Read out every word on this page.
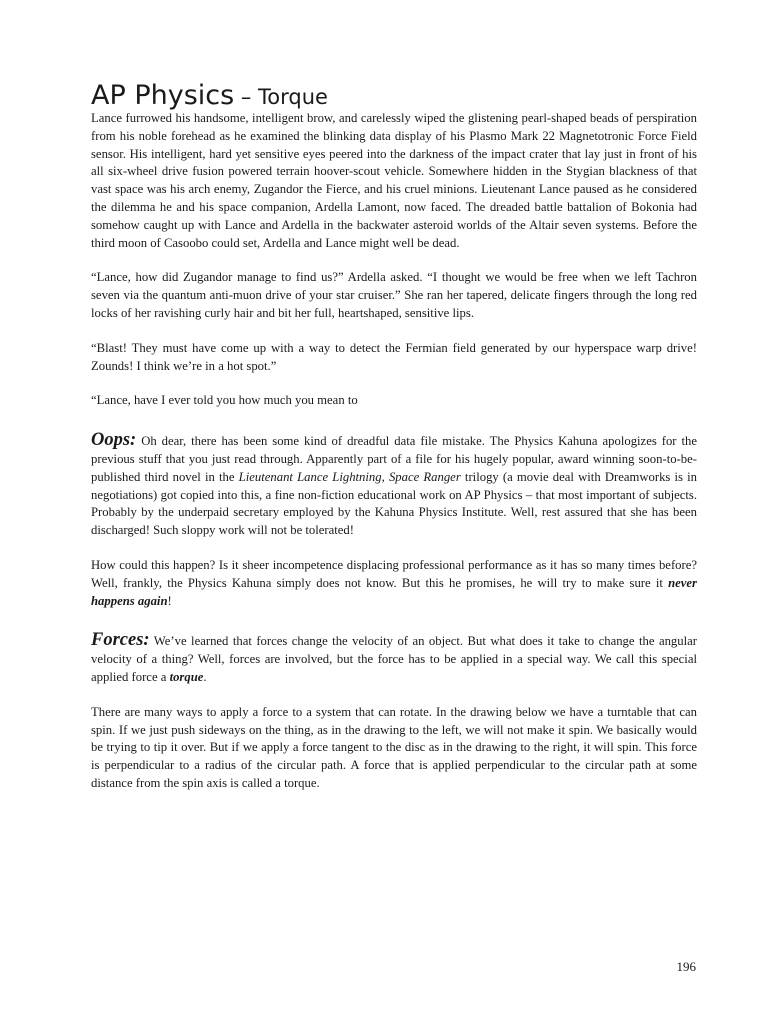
AP Physics – Torque

Lance furrowed his handsome, intelligent brow, and carelessly wiped the glistening pearl-shaped beads of perspiration from his noble forehead as he examined the blinking data display of his Plasmo Mark 22 Magnetotronic Force Field sensor. His intelligent, hard yet sensitive eyes peered into the darkness of the impact crater that lay just in front of his all six-wheel drive fusion powered terrain hoover-scout vehicle. Somewhere hidden in the Stygian blackness of that vast space was his arch enemy, Zugandor the Fierce, and his cruel minions. Lieutenant Lance paused as he considered the dilemma he and his space companion, Ardella Lamont, now faced. The dreaded battle battalion of Bokonia had somehow caught up with Lance and Ardella in the backwater asteroid worlds of the Altair seven systems. Before the third moon of Casoobo could set, Ardella and Lance might well be dead.

“Lance, how did Zugandor manage to find us?” Ardella asked. “I thought we would be free when we left Tachron seven via the quantum anti-muon drive of your star cruiser.” She ran her tapered, delicate fingers through the long red locks of her ravishing curly hair and bit her full, heartshaped, sensitive lips.

“Blast! They must have come up with a way to detect the Fermian field generated by our hyperspace warp drive! Zounds! I think we’re in a hot spot.”

“Lance, have I ever told you how much you mean to

Oops: Oh dear, there has been some kind of dreadful data file mistake. The Physics Kahuna apologizes for the previous stuff that you just read through. Apparently part of a file for his hugely popular, award winning soon-to-be-published third novel in the Lieutenant Lance Lightning, Space Ranger trilogy (a movie deal with Dreamworks is in negotiations) got copied into this, a fine non-fiction educational work on AP Physics – that most important of subjects. Probably by the underpaid secretary employed by the Kahuna Physics Institute. Well, rest assured that she has been discharged! Such sloppy work will not be tolerated!

How could this happen? Is it sheer incompetence displacing professional performance as it has so many times before? Well, frankly, the Physics Kahuna simply does not know. But this he promises, he will try to make sure it never happens again!

Forces: We’ve learned that forces change the velocity of an object. But what does it take to change the angular velocity of a thing? Well, forces are involved, but the force has to be applied in a special way. We call this special applied force a torque.

There are many ways to apply a force to a system that can rotate. In the drawing below we have a turntable that can spin. If we just push sideways on the thing, as in the drawing to the left, we will not make it spin. We basically would be trying to tip it over. But if we apply a force tangent to the disc as in the drawing to the right, it will spin. This force is perpendicular to a radius of the circular path. A force that is applied perpendicular to the circular path at some distance from the spin axis is called a torque.

196
